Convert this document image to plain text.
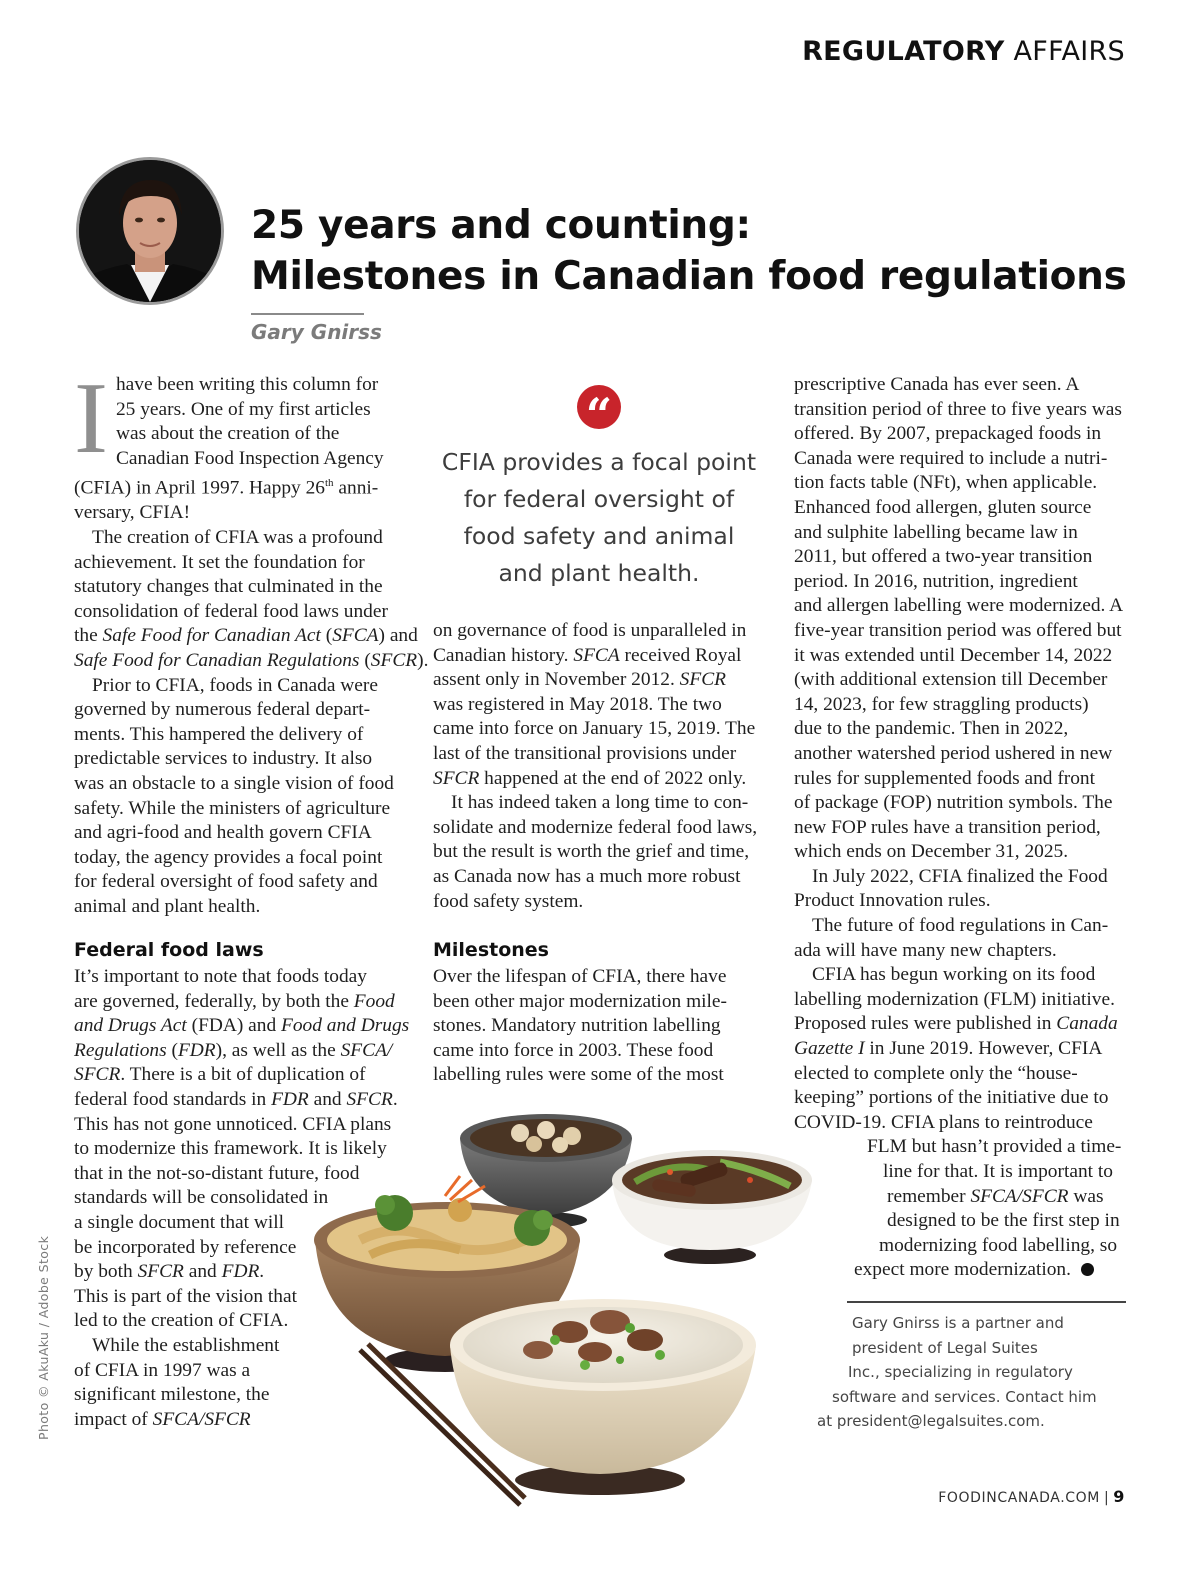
REGULATORY AFFAIRS
25 years and counting:
Milestones in Canadian food regulations
Gary Gnirss

I have been writing this column for
25 years. One of my first articles
was about the creation of the
Canadian Food Inspection Agency
(CFIA) in April 1997. Happy 26th anni-
versary, CFIA!

The creation of CFIA was a profound
achievement. It set the foundation for
statutory changes that culminated in the
consolidation of federal food laws under
the Safe Food for Canadian Act (SFCA) and
Safe Food for Canadian Regulations (SFCR).

Prior to CFIA, foods in Canada were
governed by numerous federal depart-
ments. This hampered the delivery of
predictable services to industry. It also
was an obstacle to a single vision of food
safety. While the ministers of agriculture
and agri-food and health govern CFIA
today, the agency provides a focal point
for federal oversight of food safety and
animal and plant health.

Federal food laws

It’s important to note that foods today
are governed, federally, by both the Food
and Drugs Act (FDA) and Food and Drugs
Regulations (FDR), as well as the SFCA/
SFCR. There is a bit of duplication of
federal food standards in FDR and SFCR.
This has not gone unnoticed. CFIA plans
to modernize this framework. It is likely
that in the not-so-distant future, food
standards will be consolidated in
a single document that will
be incorporated by reference
by both SFCR and FDR.
This is part of the vision that
led to the creation of CFIA.

While the establishment
of CFIA in 1997 was a
significant milestone, the
impact of SFCA/SFCR

“
CFIA provides a focal point
for federal oversight of
food safety and animal
and plant health.

on governance of food is unparalleled in
Canadian history. SFCA received Royal
assent only in November 2012. SFCR
was registered in May 2018. The two
came into force on January 15, 2019. The
last of the transitional provisions under
SFCR happened at the end of 2022 only.

It has indeed taken a long time to con-
solidate and modernize federal food laws,
but the result is worth the grief and time,
as Canada now has a much more robust
food safety system.

Milestones

Over the lifespan of CFIA, there have
been other major modernization mile-
stones. Mandatory nutrition labelling
came into force in 2003. These food
labelling rules were some of the most

prescriptive Canada has ever seen. A
transition period of three to five years was
offered. By 2007, prepackaged foods in
Canada were required to include a nutri-
tion facts table (NFt), when applicable.
Enhanced food allergen, gluten source
and sulphite labelling became law in
2011, but offered a two-year transition
period. In 2016, nutrition, ingredient
and allergen labelling were modernized. A
five-year transition period was offered but
it was extended until December 14, 2022
(with additional extension till December
14, 2023, for few straggling products)
due to the pandemic. Then in 2022,
another watershed period ushered in new
rules for supplemented foods and front
of package (FOP) nutrition symbols. The
new FOP rules have a transition period,
which ends on December 31, 2025.

In July 2022, CFIA finalized the Food
Product Innovation rules.

The future of food regulations in Can-
ada will have many new chapters.

CFIA has begun working on its food
labelling modernization (FLM) initiative.
Proposed rules were published in Canada
Gazette I in June 2019. However, CFIA
elected to complete only the “house-
keeping” portions of the initiative due to
COVID-19. CFIA plans to reintroduce
FLM but hasn’t provided a time-
line for that. It is important to
remember SFCA/SFCR was
designed to be the first step in
modernizing food labelling, so
expect more modernization.

Gary Gnirss is a partner and
president of Legal Suites
Inc., specializing in regulatory
software and services. Contact him
at president@legalsuites.com.
Photo © AkuAku / Adobe Stock
FOODINCANADA.COM | 9
